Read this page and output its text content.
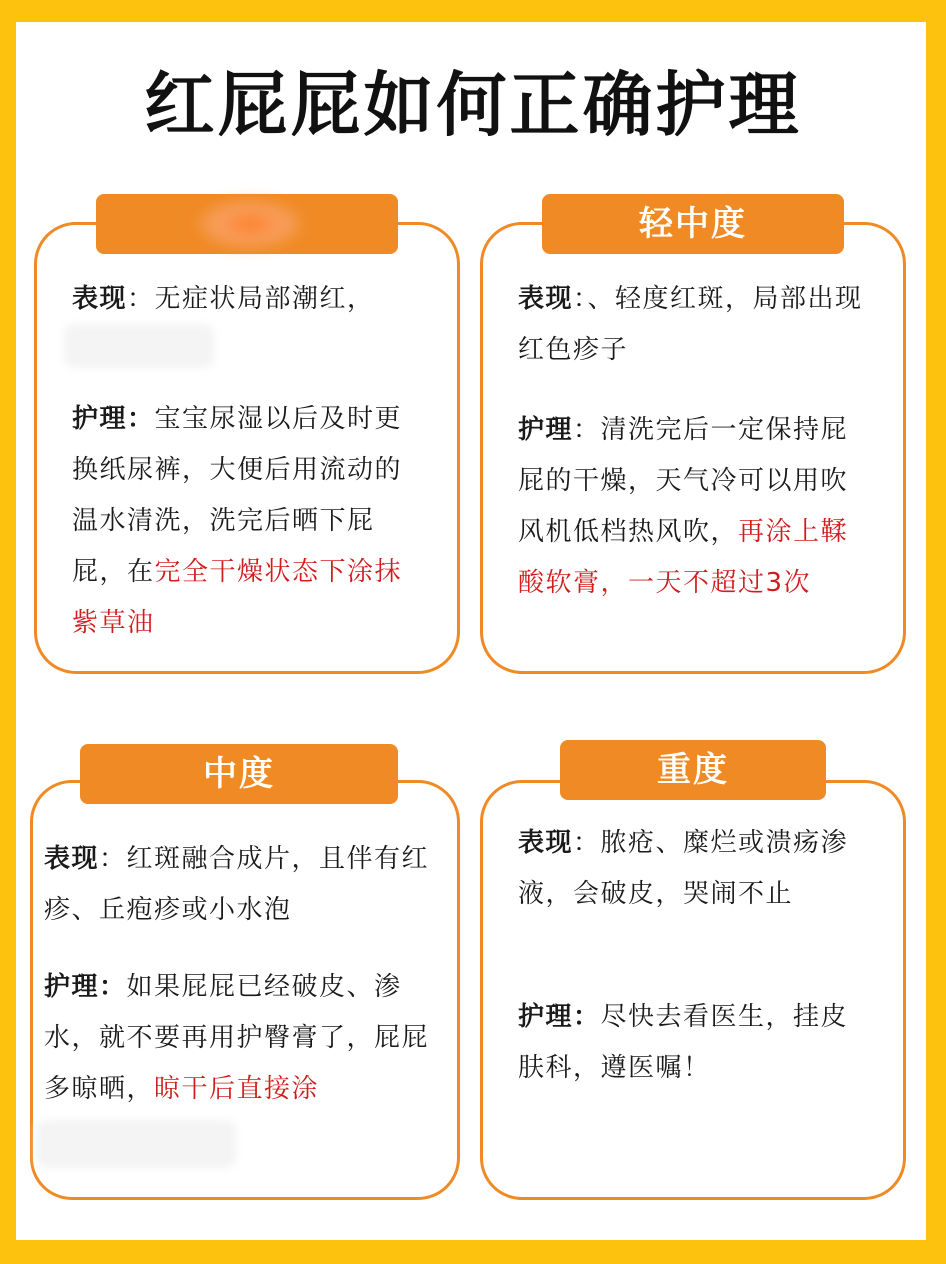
红屁屁如何正确护理
表现：无症状局部潮红，
护理：宝宝尿湿以后及时更换纸尿裤，大便后用流动的温水清洗，洗完后晒下屁屁，在完全干燥状态下涂抹紫草油
轻中度
表现：、轻度红斑，局部出现红色疹子
护理：清洗完后一定保持屁屁的干燥，天气冷可以用吹风机低档热风吹，再涂上鞣酸软膏，一天不超过3次
中度
表现：红斑融合成片，且伴有红疹、丘疱疹或小水泡
护理：如果屁屁已经破皮、渗水，就不要再用护臀膏了，屁屁多晾晒，晾干后直接涂
重度
表现：脓疮、糜烂或溃疡渗液，会破皮，哭闹不止
护理：尽快去看医生，挂皮肤科，遵医嘱！
